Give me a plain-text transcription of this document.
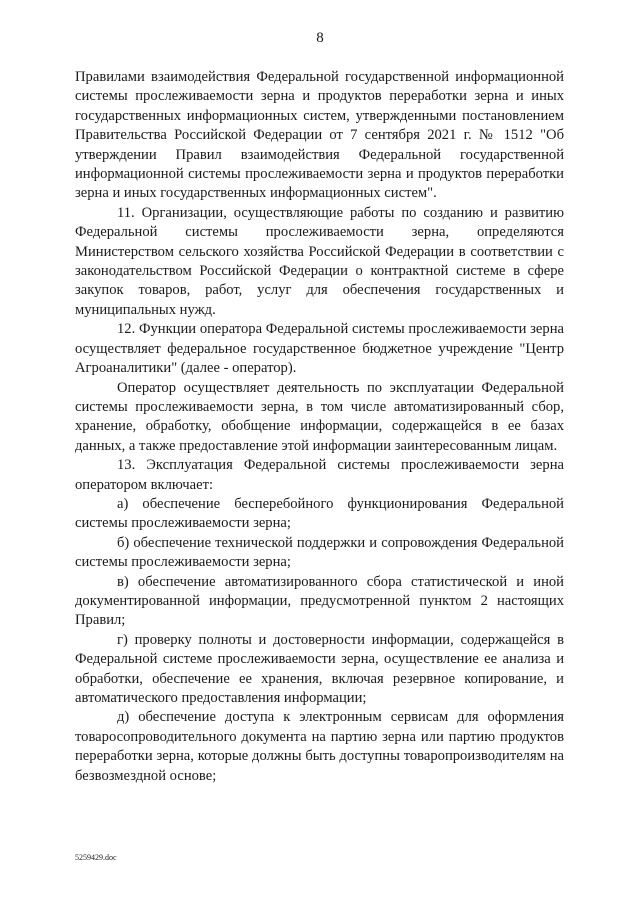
8

Правилами взаимодействия Федеральной государственной информационной системы прослеживаемости зерна и продуктов переработки зерна и иных государственных информационных систем, утвержденными постановлением Правительства Российской Федерации от 7 сентября 2021 г. № 1512 "Об утверждении Правил взаимодействия Федеральной государственной информационной системы прослеживаемости зерна и продуктов переработки зерна и иных государственных информационных систем".

11. Организации, осуществляющие работы по созданию и развитию Федеральной системы прослеживаемости зерна, определяются Министерством сельского хозяйства Российской Федерации в соответствии с законодательством Российской Федерации о контрактной системе в сфере закупок товаров, работ, услуг для обеспечения государственных и муниципальных нужд.

12. Функции оператора Федеральной системы прослеживаемости зерна осуществляет федеральное государственное бюджетное учреждение "Центр Агроаналитики" (далее - оператор).

Оператор осуществляет деятельность по эксплуатации Федеральной системы прослеживаемости зерна, в том числе автоматизированный сбор, хранение, обработку, обобщение информации, содержащейся в ее базах данных, а также предоставление этой информации заинтересованным лицам.

13. Эксплуатация Федеральной системы прослеживаемости зерна оператором включает:

а) обеспечение бесперебойного функционирования Федеральной системы прослеживаемости зерна;

б) обеспечение технической поддержки и сопровождения Федеральной системы прослеживаемости зерна;

в) обеспечение автоматизированного сбора статистической и иной документированной информации, предусмотренной пунктом 2 настоящих Правил;

г) проверку полноты и достоверности информации, содержащейся в Федеральной системе прослеживаемости зерна, осуществление ее анализа и обработки, обеспечение ее хранения, включая резервное копирование, и автоматического предоставления информации;

д) обеспечение доступа к электронным сервисам для оформления товаросопроводительного документа на партию зерна или партию продуктов переработки зерна, которые должны быть доступны товаропроизводителям на безвозмездной основе;

5259429.doc
